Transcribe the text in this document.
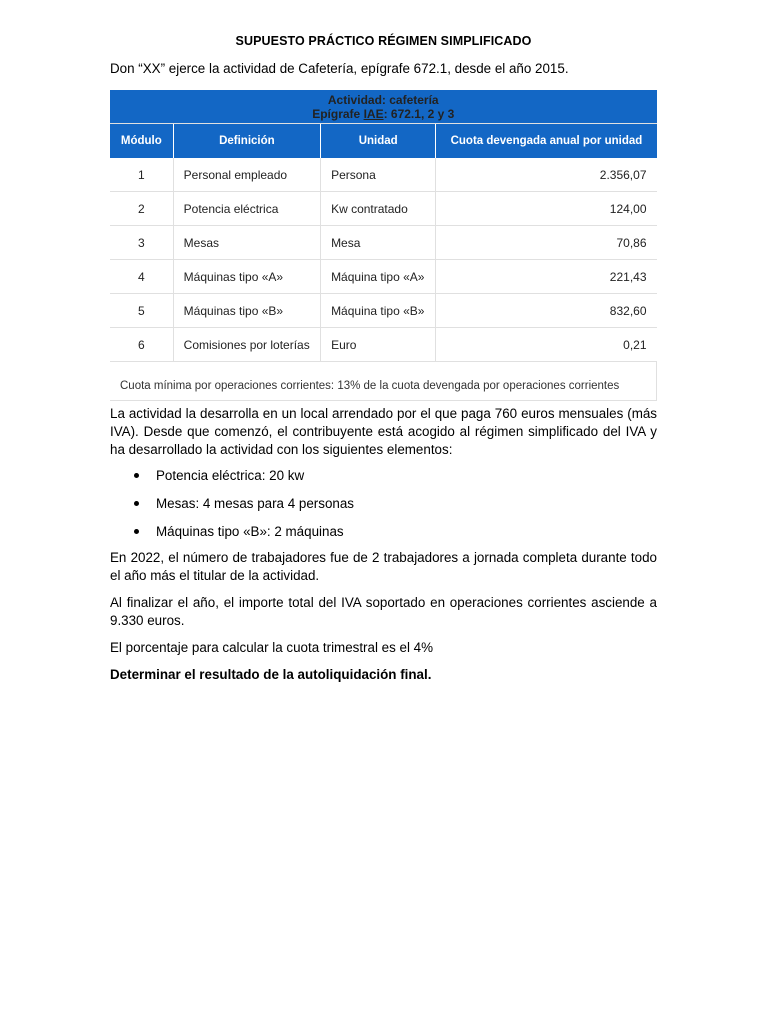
SUPUESTO PRÁCTICO RÉGIMEN SIMPLIFICADO
Don “XX” ejerce la actividad de Cafetería, epígrafe 672.1, desde el año 2015.
Actividad: cafetería
Epígrafe IAE: 672.1, 2 y 3			

Módulo	Definición	Unidad	Cuota devengada anual por unidad
1	Personal empleado	Persona	2.356,07
2	Potencia eléctrica	Kw contratado	124,00
3	Mesas	Mesa	70,86
4	Máquinas tipo «A»	Máquina tipo «A»	221,43
5	Máquinas tipo «B»	Máquina tipo «B»	832,60
6	Comisiones por loterías	Euro	0,21
Cuota mínima por operaciones corrientes: 13% de la cuota devengada por operaciones corrientes			
La actividad la desarrolla en un local arrendado por el que paga 760 euros mensuales (más IVA). Desde que comenzó, el contribuyente está acogido al régimen simplificado del IVA y ha desarrollado la actividad con los siguientes elementos:
Potencia eléctrica: 20 kw
Mesas: 4 mesas para 4 personas
Máquinas tipo «B»: 2 máquinas
En 2022, el número de trabajadores fue de 2 trabajadores a jornada completa durante todo el año más el titular de la actividad.
Al finalizar el año, el importe total del IVA soportado en operaciones corrientes asciende a 9.330 euros.
El porcentaje para calcular la cuota trimestral es el 4%
Determinar el resultado de la autoliquidación final.
